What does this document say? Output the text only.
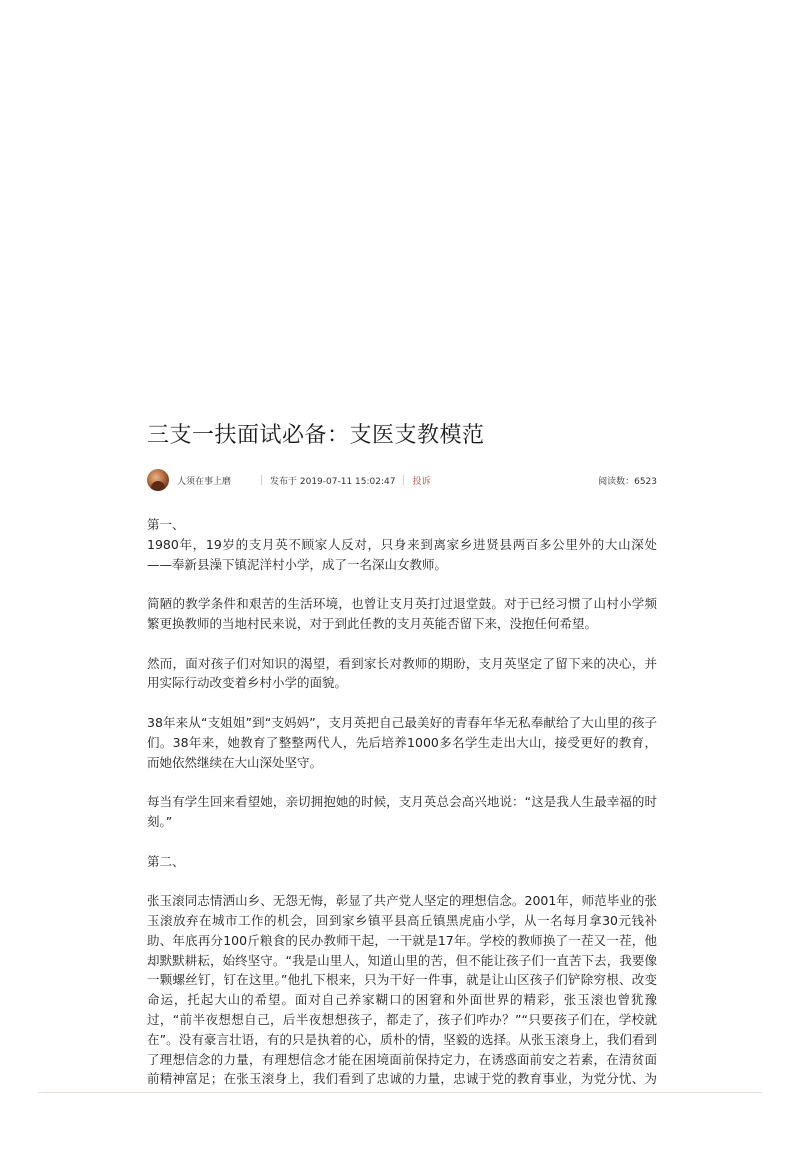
三支一扶面试必备：支医支教模范
人须在事上磨	发布于 2019-07-11 15:02:47 投诉	阅读数：6523

第一、

1980年，19岁的支月英不顾家人反对，只身来到离家乡进贤县两百多公里外的大山深处——奉新县澡下镇泥洋村小学，成了一名深山女教师。

简陋的教学条件和艰苦的生活环境，也曾让支月英打过退堂鼓。对于已经习惯了山村小学频繁更换教师的当地村民来说，对于到此任教的支月英能否留下来，没抱任何希望。

然而，面对孩子们对知识的渴望，看到家长对教师的期盼，支月英坚定了留下来的决心，并用实际行动改变着乡村小学的面貌。

38年来从“支姐姐”到“支妈妈”，支月英把自己最美好的青春年华无私奉献给了大山里的孩子们。38年来，她教育了整整两代人，先后培养1000多名学生走出大山，接受更好的教育，而她依然继续在大山深处坚守。

每当有学生回来看望她，亲切拥抱她的时候，支月英总会高兴地说：“这是我人生最幸福的时刻。”

第二、

张玉滚同志情洒山乡、无怨无悔，彰显了共产党人坚定的理想信念。2001年，师范毕业的张玉滚放弃在城市工作的机会，回到家乡镇平县高丘镇黑虎庙小学，从一名每月拿30元钱补助、年底再分100斤粮食的民办教师干起，一干就是17年。学校的教师换了一茬又一茬，他却默默耕耘，始终坚守。“我是山里人，知道山里的苦，但不能让孩子们一直苦下去，我要像一颗螺丝钉，钉在这里。”他扎下根来，只为干好一件事，就是让山区孩子们铲除穷根、改变命运，托起大山的希望。面对自己养家糊口的困窘和外面世界的精彩，张玉滚也曾犹豫过，“前半夜想想自己，后半夜想想孩子，都走了，孩子们咋办？”“只要孩子们在，学校就在”。没有豪言壮语，有的只是执着的心，质朴的情，坚毅的选择。从张玉滚身上，我们看到了理想信念的力量，有理想信念才能在困境面前保持定力，在诱惑面前安之若素，在清贫面前精神富足；在张玉滚身上，我们看到了忠诚的力量，忠诚于党的教育事业，为党分忧、为
